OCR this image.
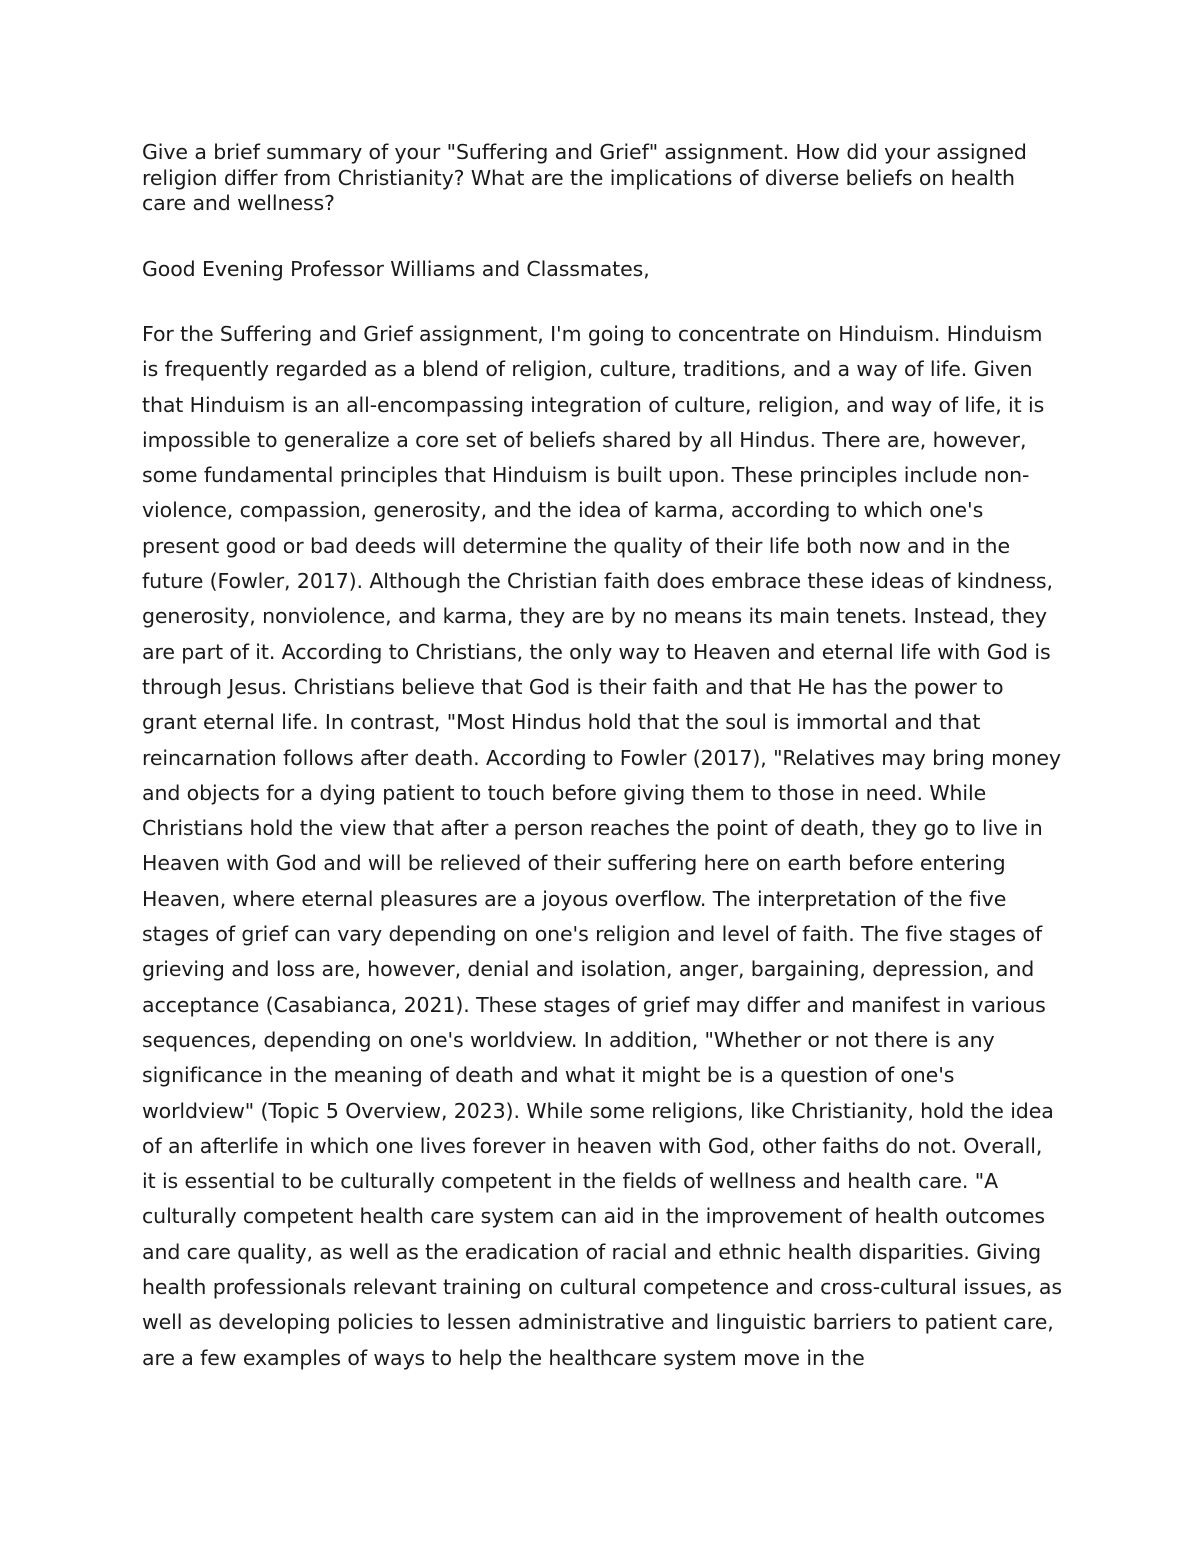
Give a brief summary of your "Suffering and Grief" assignment. How did your assigned religion differ from Christianity? What are the implications of diverse beliefs on health care and wellness?

Good Evening Professor Williams and Classmates,

For the Suffering and Grief assignment, I'm going to concentrate on Hinduism. Hinduism is frequently regarded as a blend of religion, culture, traditions, and a way of life. Given that Hinduism is an all-encompassing integration of culture, religion, and way of life, it is impossible to generalize a core set of beliefs shared by all Hindus. There are, however, some fundamental principles that Hinduism is built upon. These principles include non-violence, compassion, generosity, and the idea of karma, according to which one's present good or bad deeds will determine the quality of their life both now and in the future (Fowler, 2017). Although the Christian faith does embrace these ideas of kindness, generosity, nonviolence, and karma, they are by no means its main tenets. Instead, they are part of it. According to Christians, the only way to Heaven and eternal life with God is through Jesus. Christians believe that God is their faith and that He has the power to grant eternal life. In contrast, "Most Hindus hold that the soul is immortal and that reincarnation follows after death. According to Fowler (2017), "Relatives may bring money and objects for a dying patient to touch before giving them to those in need. While Christians hold the view that after a person reaches the point of death, they go to live in Heaven with God and will be relieved of their suffering here on earth before entering Heaven, where eternal pleasures are a joyous overflow. The interpretation of the five stages of grief can vary depending on one's religion and level of faith. The five stages of grieving and loss are, however, denial and isolation, anger, bargaining, depression, and acceptance (Casabianca, 2021). These stages of grief may differ and manifest in various sequences, depending on one's worldview. In addition, "Whether or not there is any significance in the meaning of death and what it might be is a question of one's worldview" (Topic 5 Overview, 2023). While some religions, like Christianity, hold the idea of an afterlife in which one lives forever in heaven with God, other faiths do not. Overall, it is essential to be culturally competent in the fields of wellness and health care. "A culturally competent health care system can aid in the improvement of health outcomes and care quality, as well as the eradication of racial and ethnic health disparities. Giving health professionals relevant training on cultural competence and cross-cultural issues, as well as developing policies to lessen administrative and linguistic barriers to patient care, are a few examples of ways to help the healthcare system move in the
